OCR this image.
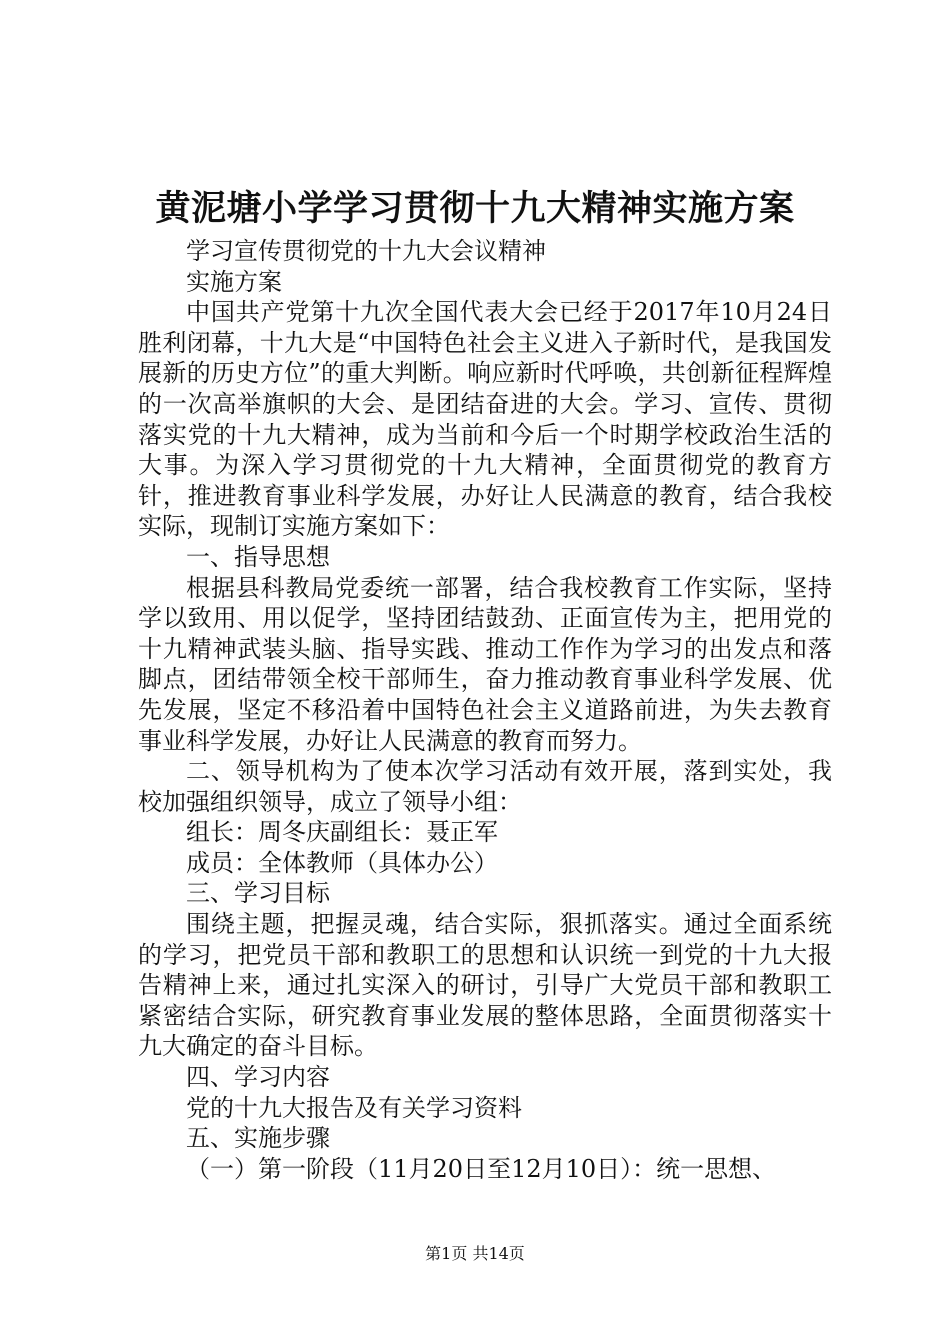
黄泥塘小学学习贯彻十九大精神实施方案

学习宣传贯彻党的十九大会议精神

实施方案

中国共产党第十九次全国代表大会已经于2017年10月24日胜利闭幕，十九大是“中国特色社会主义进入子新时代，是我国发展新的历史方位”的重大判断。响应新时代呼唤，共创新征程辉煌的一次高举旗帜的大会、是团结奋进的大会。学习、宣传、贯彻落实党的十九大精神，成为当前和今后一个时期学校政治生活的大事。为深入学习贯彻党的十九大精神，全面贯彻党的教育方针，推进教育事业科学发展，办好让人民满意的教育，结合我校实际，现制订实施方案如下：

一、指导思想

根据县科教局党委统一部署，结合我校教育工作实际，坚持学以致用、用以促学，坚持团结鼓劲、正面宣传为主，把用党的十九精神武装头脑、指导实践、推动工作作为学习的出发点和落脚点，团结带领全校干部师生，奋力推动教育事业科学发展、优先发展，坚定不移沿着中国特色社会主义道路前进，为失去教育事业科学发展，办好让人民满意的教育而努力。

二、领导机构为了使本次学习活动有效开展，落到实处，我校加强组织领导，成立了领导小组：

组长：周冬庆副组长：聂正军

成员：全体教师（具体办公）

三、学习目标

围绕主题，把握灵魂，结合实际，狠抓落实。通过全面系统的学习，把党员干部和教职工的思想和认识统一到党的十九大报告精神上来，通过扎实深入的研讨，引导广大党员干部和教职工紧密结合实际，研究教育事业发展的整体思路，全面贯彻落实十九大确定的奋斗目标。

四、学习内容

党的十九大报告及有关学习资料

五、实施步骤

（一）第一阶段（11月20日至12月10日）：统一思想、

第1页 共14页
